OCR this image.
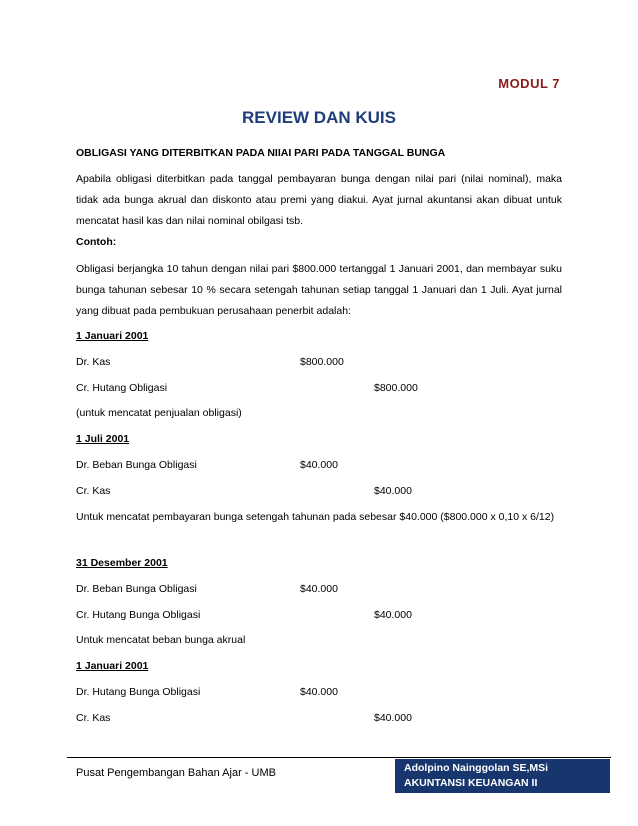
MODUL 7
REVIEW DAN KUIS
OBLIGASI YANG DITERBITKAN PADA NIIAI PARI PADA TANGGAL BUNGA
Apabila obligasi diterbitkan pada tanggal pembayaran bunga dengan nilai pari (nilai nominal), maka tidak ada bunga akrual dan diskonto atau premi yang diakui. Ayat jurnal akuntansi akan dibuat untuk mencatat hasil kas dan nilai nominal obilgasi tsb.
Contoh:
Obligasi berjangka 10 tahun dengan nilai pari $800.000 tertanggal 1 Januari 2001, dan membayar suku bunga tahunan sebesar 10 % secara setengah tahunan setiap tanggal 1 Januari dan 1 Juli. Ayat jurnal yang dibuat pada pembukuan perusahaan penerbit adalah:
1 Januari 2001
Dr. Kas	$800.000
Cr. Hutang Obligasi	$800.000
(untuk mencatat penjualan obligasi)
1 Juli 2001
Dr. Beban Bunga Obligasi	$40.000
Cr. Kas	$40.000
Untuk mencatat pembayaran bunga setengah tahunan pada sebesar $40.000 ($800.000 x 0,10 x 6/12)
31 Desember 2001
Dr. Beban Bunga Obligasi	$40.000
Cr. Hutang Bunga Obligasi	$40.000
Untuk mencatat beban bunga akrual
1 Januari 2001
Dr. Hutang Bunga Obligasi	$40.000
Cr. Kas	$40.000
Pusat Pengembangan Bahan Ajar - UMB	Adolpino Nainggolan SE,MSi
AKUNTANSI KEUANGAN II
